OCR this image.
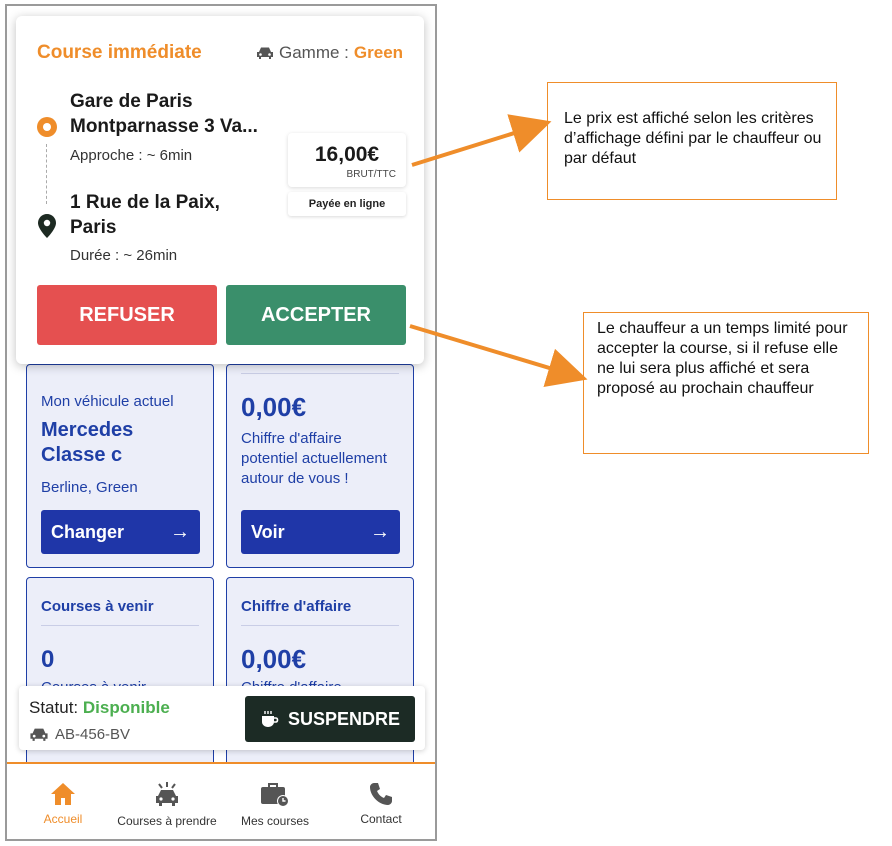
Mon véhicule actuel
Mercedes
Classe c
Berline, Green
Changer →
0,00€
Chiffre d'affaire potentiel actuellement autour de vous !
Voir	→
Courses à venir
0
Chiffre d'affaire
0,00€
Course immédiate	Gamme : Green
Gare de Paris
Montparnasse 3 Va...
Approche : ~ 6min
1 Rue de la Paix,
Paris
Durée : ~ 26min
16,00€
BRUT/TTC
Payée en ligne
REFUSER	ACCEPTER
Statut: Disponible
AB-456-BV
SUSPENDRE
Accueil	Courses à prendre	Mes courses	Contact
Le prix est affiché selon les critères d’affichage défini par le chauffeur ou par défaut
Le chauffeur a un temps limité pour accepter la course, si il refuse elle ne lui sera plus affiché et sera proposé au prochain chauffeur
